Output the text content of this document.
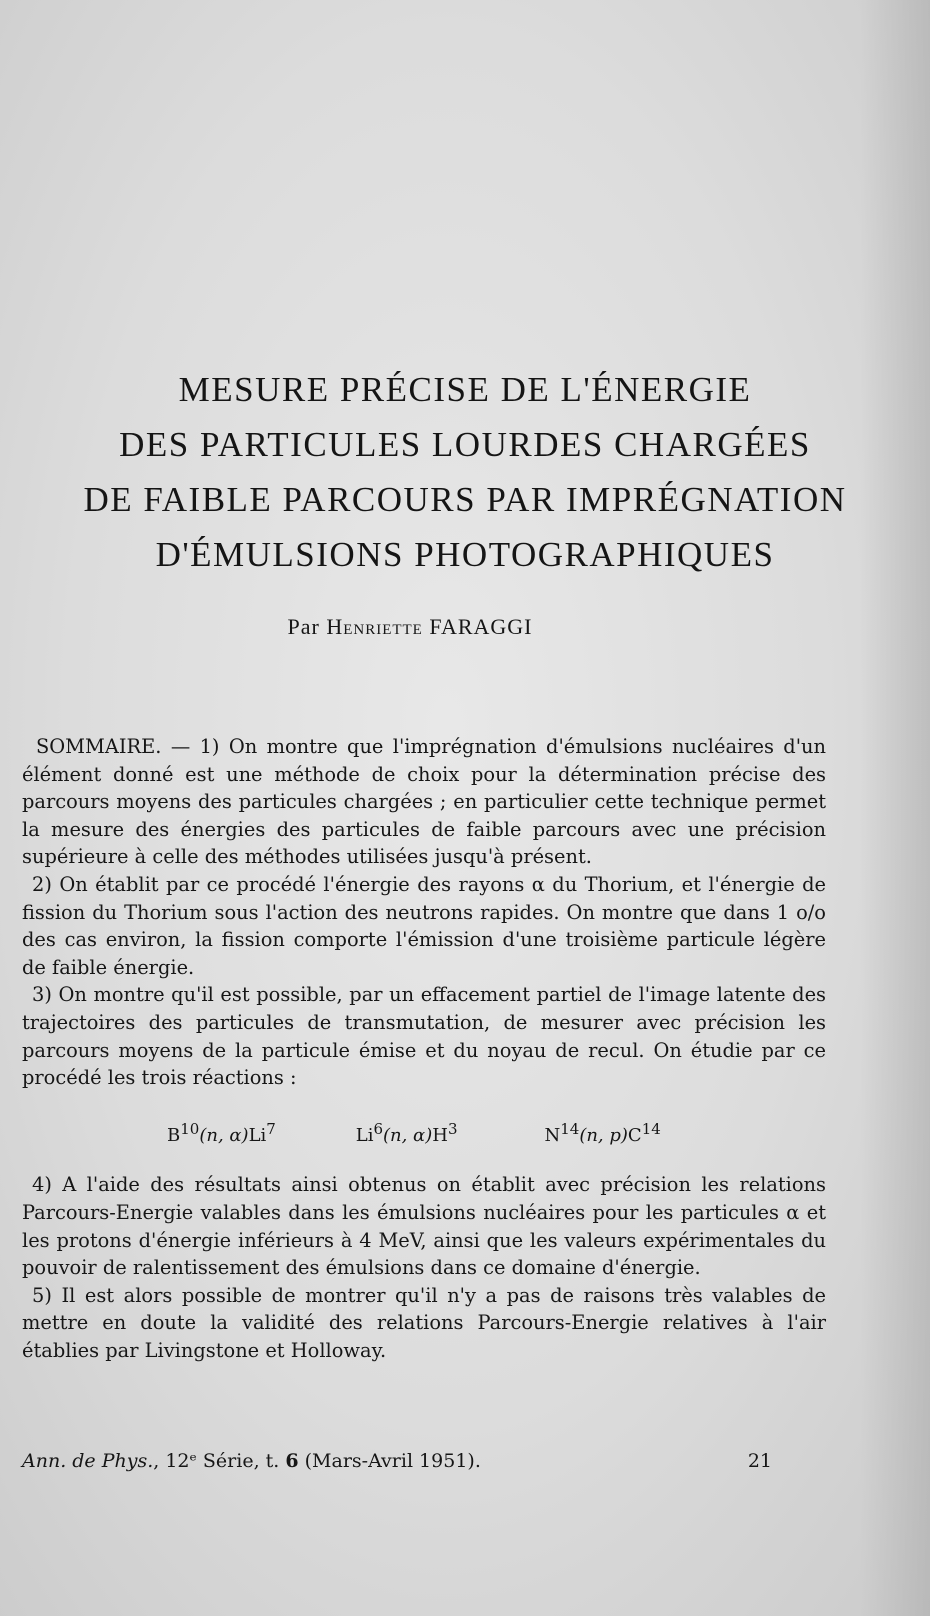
MESURE PRÉCISE DE L'ÉNERGIE
DES PARTICULES LOURDES CHARGÉES
DE FAIBLE PARCOURS PAR IMPRÉGNATION
D'ÉMULSIONS PHOTOGRAPHIQUES
Par Henriette FARAGGI

SOMMAIRE. — 1) On montre que l'imprégnation d'émulsions nucléaires d'un élément donné est une méthode de choix pour la détermination précise des parcours moyens des particules chargées ; en particulier cette technique permet la mesure des énergies des particules de faible parcours avec une précision supérieure à celle des méthodes utilisées jusqu'à présent.

2) On établit par ce procédé l'énergie des rayons α du Thorium, et l'énergie de fission du Thorium sous l'action des neutrons rapides. On montre que dans 1 o/o des cas environ, la fission comporte l'émission d'une troisième particule légère de faible énergie.

3) On montre qu'il est possible, par un effacement partiel de l'image latente des trajectoires des particules de transmutation, de mesurer avec précision les parcours moyens de la particule émise et du noyau de recul. On étudie par ce procédé les trois réactions :

$B^{10}(n$, α)Li$^7$	Li$^6$(n, $\alpha)H^3$	$N^{14}(n$, $p)C^{14}$

4) A l'aide des résultats ainsi obtenus on établit avec précision les relations Parcours-Energie valables dans les émulsions nucléaires pour les particules α et les protons d'énergie inférieurs à 4 MeV, ainsi que les valeurs expérimentales du pouvoir de ralentissement des émulsions dans ce domaine d'énergie.

5) Il est alors possible de montrer qu'il n'y a pas de raisons très valables de mettre en doute la validité des relations Parcours-Energie relatives à l'air établies par Livingstone et Holloway.

Ann. de Phys., 12ᵉ Série, t. 6 (Mars-Avril 1951).	21
